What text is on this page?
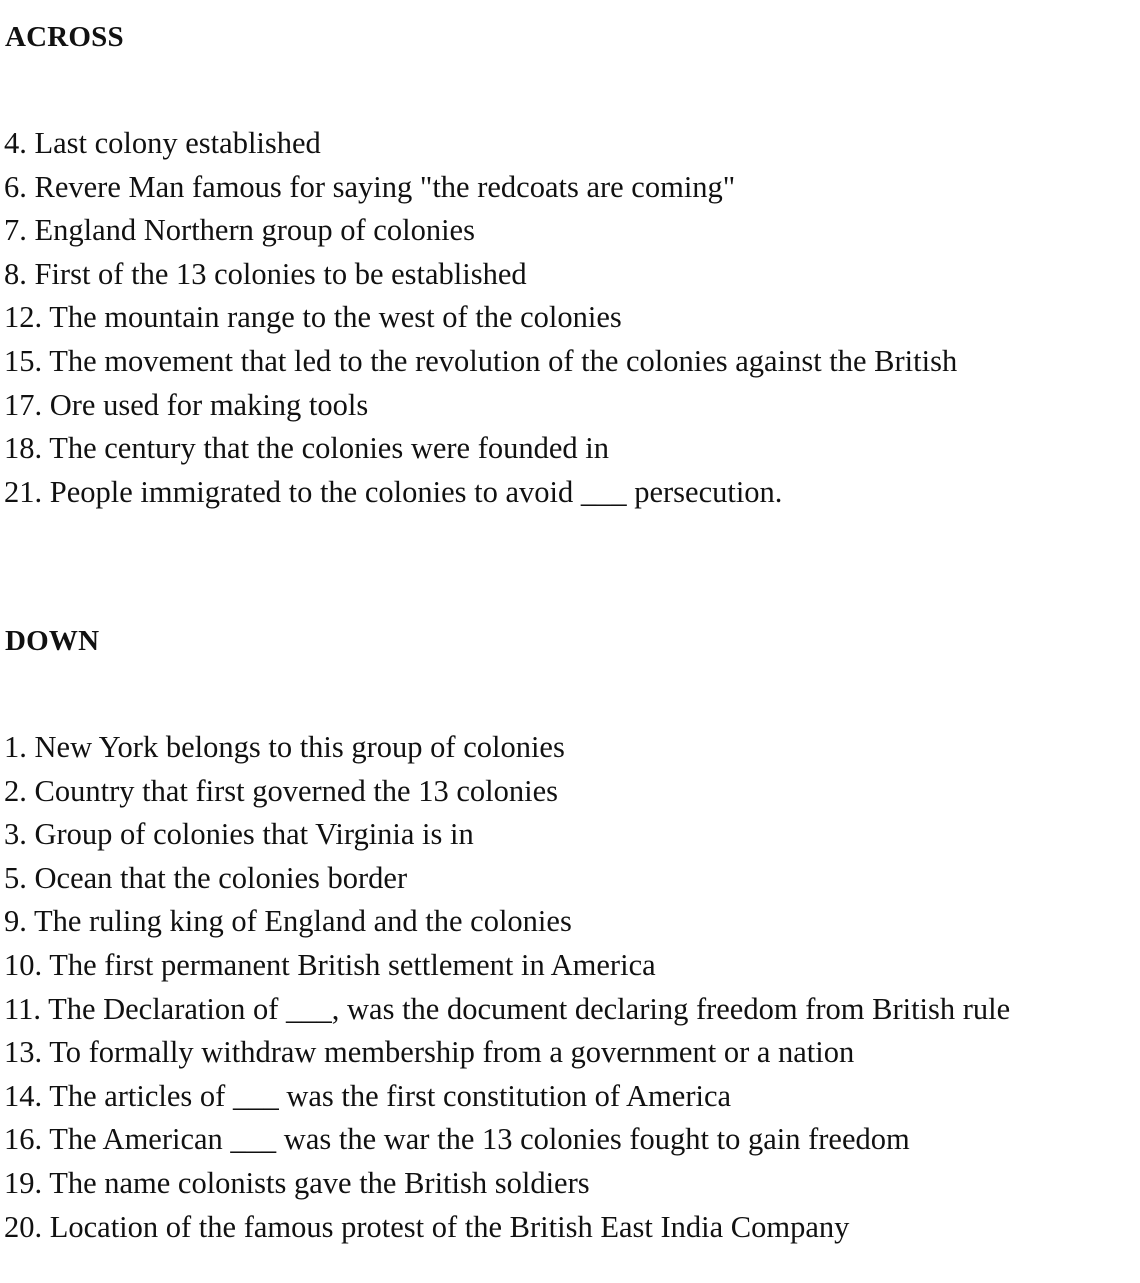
ACROSS
4. Last colony established
6. Revere Man famous for saying "the redcoats are coming"
7. England Northern group of colonies
8. First of the 13 colonies to be established
12. The mountain range to the west of the colonies
15. The movement that led to the revolution of the colonies against the British
17. Ore used for making tools
18. The century that the colonies were founded in
21. People immigrated to the colonies to avoid ___ persecution.
DOWN
1. New York belongs to this group of colonies
2. Country that first governed the 13 colonies
3. Group of colonies that Virginia is in
5. Ocean that the colonies border
9. The ruling king of England and the colonies
10. The first permanent British settlement in America
11. The Declaration of ___, was the document declaring freedom from British rule
13. To formally withdraw membership from a government or a nation
14. The articles of ___ was the first constitution of America
16. The American ___ was the war the 13 colonies fought to gain freedom
19. The name colonists gave the British soldiers
20. Location of the famous protest of the British East India Company
